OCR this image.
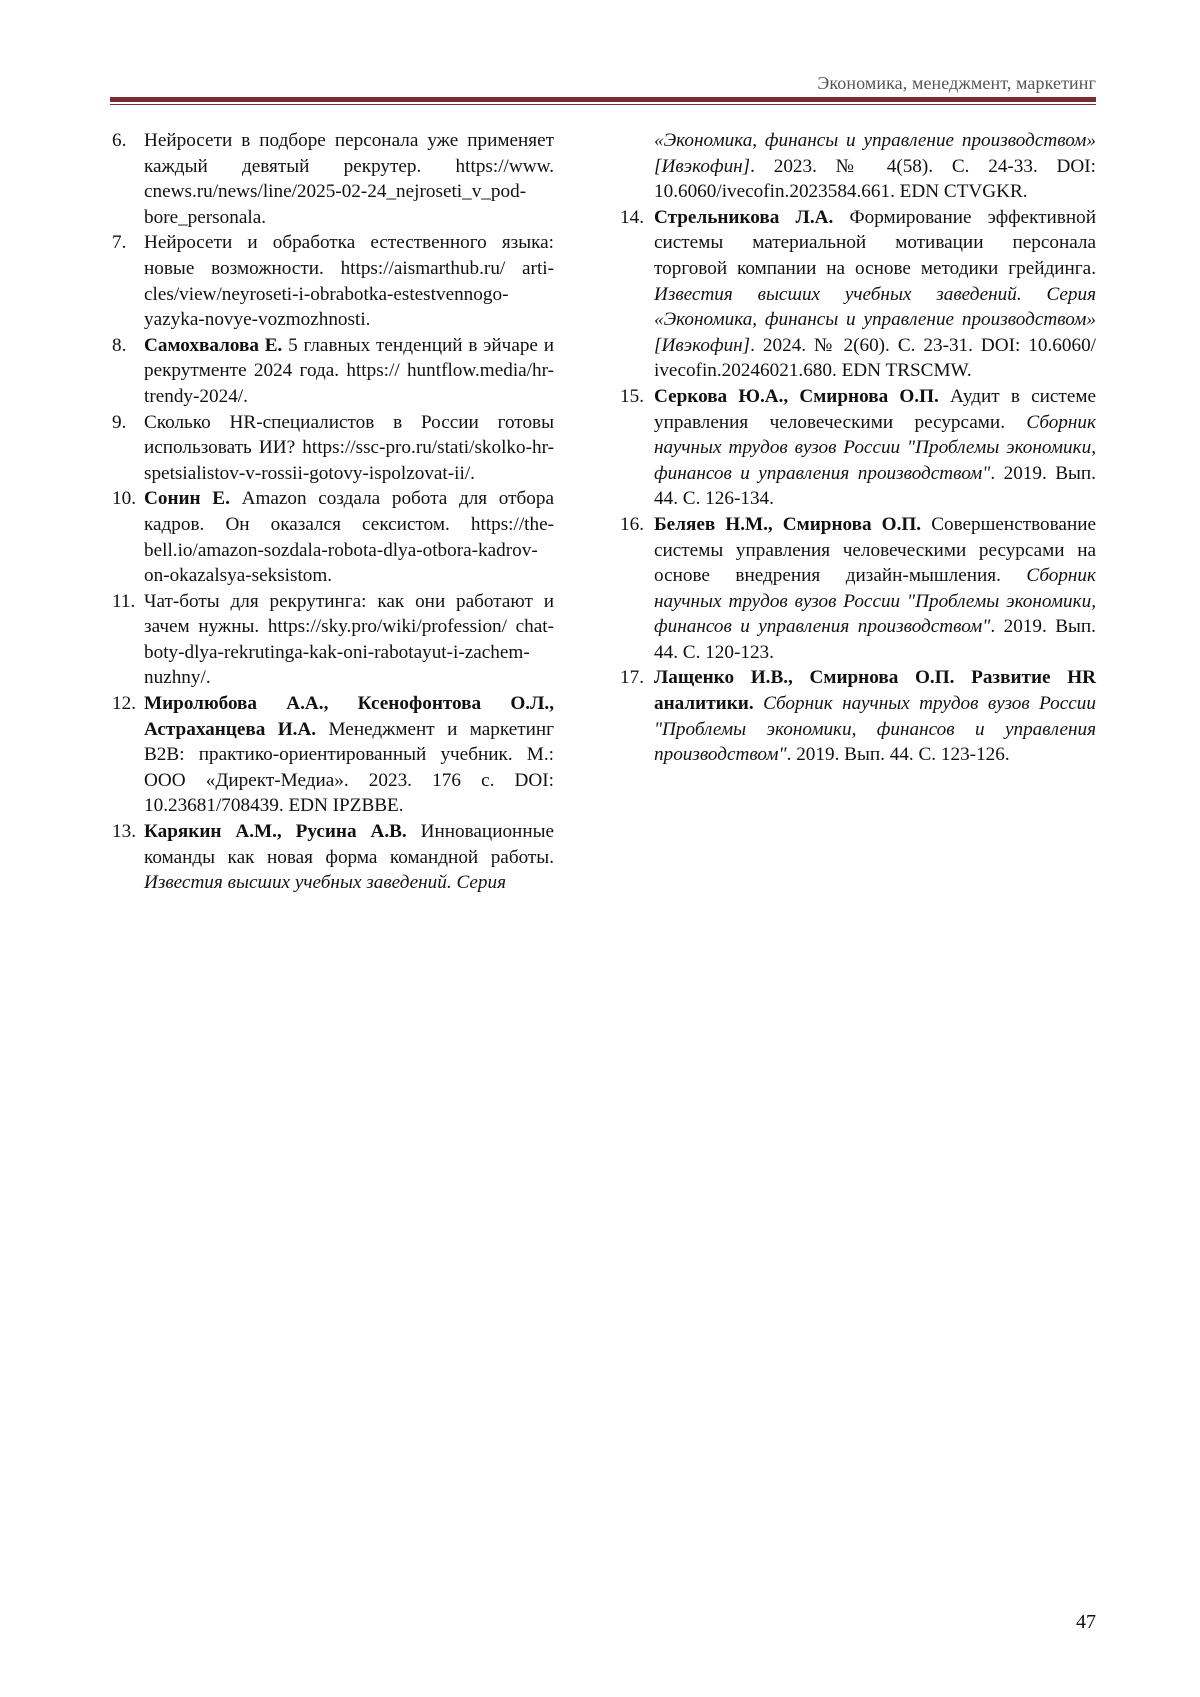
Экономика, менеджмент, маркетинг
6. Нейросети в подборе персонала уже применяет каждый девятый рекрутер. https://www. cnews.ru/news/line/2025-02-24_nejroseti_v_podbore_personala.
7. Нейросети и обработка естественного языка: новые возможности. https://aismarthub.ru/ articles/view/neyroseti-i-obrabotka-estestvennogoyazyka-novye-vozmozhnosti.
8. Самохвалова Е. 5 главных тенденций в эйчаре и рекрутменте 2024 года. https:// huntflow.media/hr-trendy-2024/.
9. Сколько HR-специалистов в России готовы использовать ИИ? https://ssc-pro.ru/stati/skolko-hr-spetsialistov-v-rossii-gotovy-ispolzovat-ii/.
10. Сонин Е. Amazon создала робота для отбора кадров. Он оказался сексистом. https://thebell.io/amazon-sozdala-robota-dlya-otbora-kadrov-on-okazalsya-seksistom.
11. Чат-боты для рекрутинга: как они работают и зачем нужны. https://sky.pro/wiki/profession/ chat-boty-dlya-rekrutinga-kak-oni-rabotayut-i-zachem-nuzhny/.
12. Миролюбова А.А., Ксенофонтова О.Л., Астраханцева И.А. Менеджмент и маркетинг B2B: практико-ориентированный учебник. М.: ООО «Директ-Медиа». 2023. 176 с. DOI: 10.23681/708439. EDN IPZBBE.
13. Карякин А.М., Русина А.В. Инновационные команды как новая форма командной работы. Известия высших учебных заведений. Серия
«Экономика, финансы и управление производством» [Ивэкофин]. 2023. № 4(58). С. 24-33. DOI: 10.6060/ivecofin.2023584.661. EDN CTVGKR.
14. Стрельникова Л.А. Формирование эффективной системы материальной мотивации персонала торговой компании на основе методики грейдинга. Известия высших учебных заведений. Серия «Экономика, финансы и управление производством» [Ивэкофин]. 2024. № 2(60). С. 23-31. DOI: 10.6060/ ivecofin.20246021.680. EDN TRSCMW.
15. Серкова Ю.А., Смирнова О.П. Аудит в системе управления человеческими ресурсами. Сборник научных трудов вузов России "Проблемы экономики, финансов и управления производством". 2019. Вып. 44. С. 126-134.
16. Беляев Н.М., Смирнова О.П. Совершенствование системы управления человеческими ресурсами на основе внедрения дизайн-мышления. Сборник научных трудов вузов России "Проблемы экономики, финансов и управления производством". 2019. Вып. 44. С. 120-123.
17. Лащенко И.В., Смирнова О.П. Развитие HR аналитики. Сборник научных трудов вузов России "Проблемы экономики, финансов и управления производством". 2019. Вып. 44. С. 123-126.
47
